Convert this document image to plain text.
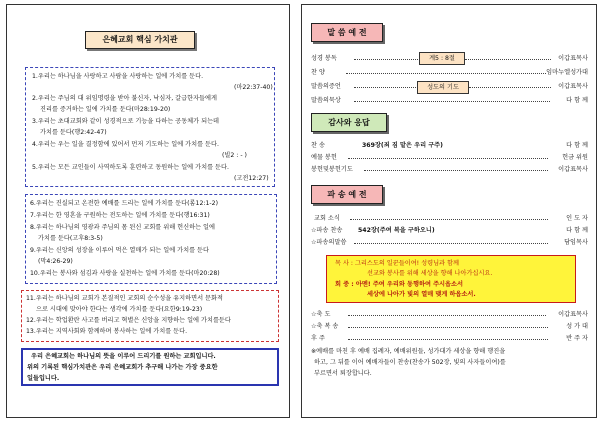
은혜교회 핵심 가치관
1.우리는 하나님을 사랑하고 사람을 사랑하는 일에 가치를 둔다.
(마22:37-40)
2.우리는 주님의 대 위임명령을 받아 불신자, 낙심자, 갈급한자들에게
진리를 증거하는 일에 가치를 둔다(마28:19-20)
3.우리는 초대교회와 같이 성경적으로 기능을 다하는 공동체가 되는데
가치를 둔다(행2:42-47)
4.우리는 우는 일을 결정함에 있어서 먼저 기도하는 일에 가치를 둔다.
(빌2 : - )
5.우리는 모든 교인들이 사역하도록 훈련하고 동원하는 일에 가치를 둔다.
(고전12:27)
6.우리는 진실되고 온전한 예배를 드리는 일에 가치를 둔다(롬12:1-2)
7.우리는 한 영혼을 구원하는 전도하는 일에 가치를 둔다(행16:31)
8.우리는 하나님의 영광과 주님의 몸 된신 교회를 위해 헌신하는 일에
가치를 둔다(고후8:3-5)
9.우리는 신앙의 성장을 이루어 먹은 열매가 되는 일에 가치를 둔다
(막4:26-29)
10.우리는 봉사와 섬김과 사랑을 실천하는 일에 가치를 둔다(마20:28)
11.우리는 하나님의 교회가 본질적인 교회의 순수성을 유지하면서 문화적
으로 시대에 맞아야 한다는 생각에 가치를 둔다(요한9:19-23)
12.우리는 학업환란 사고를 버리고 혁별은 신앙을 지향하는 일에 가치를둔다
13.우리는 지역사회와 함께하며 봉사하는 일에 가치를 둔다.
우리 은혜교회는 하나님의 뜻을 이루어 드리기를 원하는 교회입니다.
위의 기록된 핵심가치관은 우리 은혜교회가 추구해 나가는 가장 중요한
일들입니다.
말 씀 예 전
성경 봉독	이갑표목사
계5 : 8절
찬 양	임마누엘성가대
말씀의증언	이갑표목사
성도의 기도
말씀의묵상	다 함 께
감사와 응답
찬 송	369장(죄 짐 맡은 우리 구주)	다 함 께
예물 봉헌	헌금 위원
봉헌및봉헌기도	이갑표목사
파 송 예 전
교회 소식	인 도 자
☆파송 찬송	542장(주여 복을 구하오니)	다 함 께
☆파송의말씀	담임목사
목 사 : 그리스도의 일꾼들이여! 성령님과 함께
선교와 봉사를 위해 세상을 향해 나아가십시요.
회 중 : 아멘! 주여 우리와 동행하여 주시옵소서
세상에 나아가 빛의 열매 맺게 하옵소서.
☆축 도	이갑표목사
☆축 복 송	성 가 대
후 주	반 주 자
※예배를 마친 후 예배 집례자, 예배위원들, 성가대가 세상을 향해 행진을
하고, 그 뒤를 이어 예배자들이 찬송(찬송가 502장, 빛의 사자들이여)를
부르면서 퇴장합니다.
